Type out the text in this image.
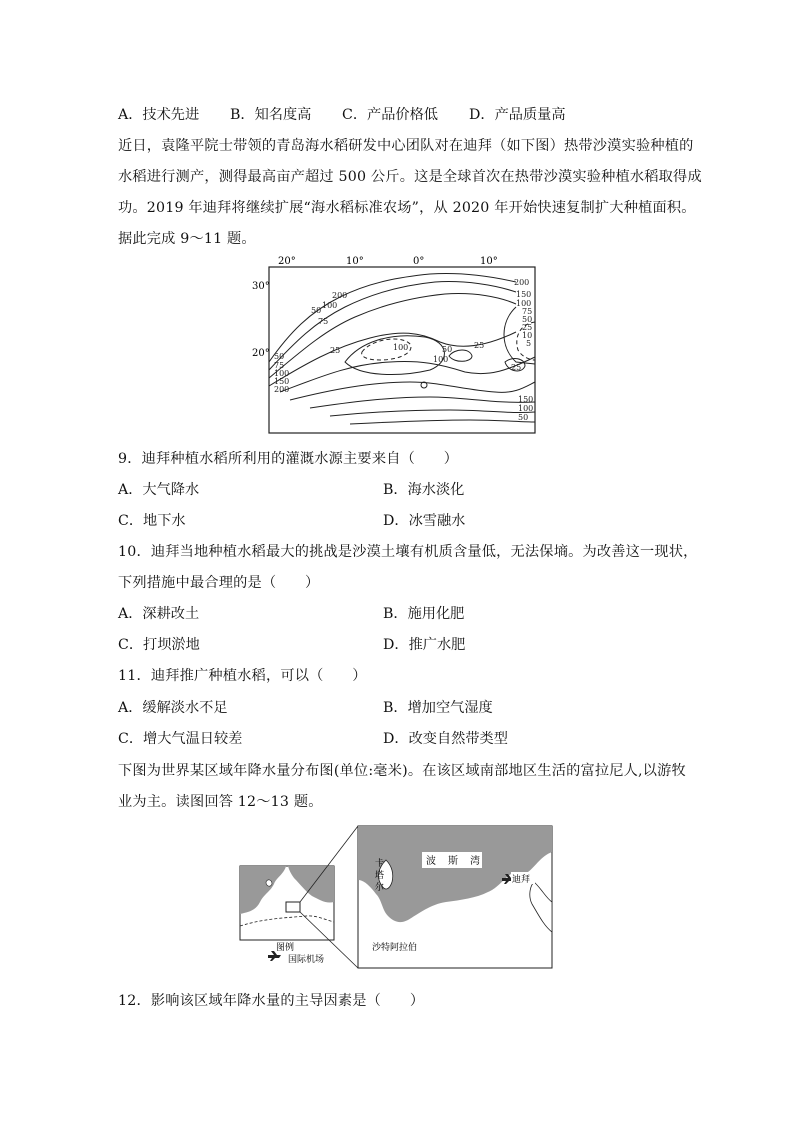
A．技术先进 B．知名度高 C．产品价格低 D．产品质量高
近日，袁隆平院士带领的青岛海水稻研发中心团队对在迪拜（如下图）热带沙漠实验种植的
水稻进行测产，测得最高亩产超过 500 公斤。这是全球首次在热带沙漠实验种植水稻取得成
功。2019 年迪拜将继续扩展“海水稻标准农场”，从 2020 年开始快速复制扩大种植面积。
据此完成 9～11 题。
20°	10°	0°	10°
30°
20°
200
100
50
75
25	100	50
100
25
200
150
100
75
50
25
10
5
50
75
100
150
200
25
150
100
50
9．迪拜种植水稻所利用的灌溉水源主要来自（　　）
A．大气降水	B．海水淡化
C．地下水	D．冰雪融水
10．迪拜当地种植水稻最大的挑战是沙漠土壤有机质含量低，无法保墒。为改善这一现状，
下列措施中最合理的是（　　）
A．深耕改土	B．施用化肥
C．打坝淤地	D．推广水肥
11．迪拜推广种植水稻，可以（　　）
A．缓解淡水不足	B．增加空气湿度
C．增大气温日较差	D．改变自然带类型
下图为世界某区域年降水量分布图(单位:毫米)。在该区域南部地区生活的富拉尼人,以游牧
业为主。读图回答 12～13 题。
图例
国际机场
卡
塔
尔
波 斯 湾
迪拜
沙特阿拉伯
12．影响该区域年降水量的主导因素是（　　）
